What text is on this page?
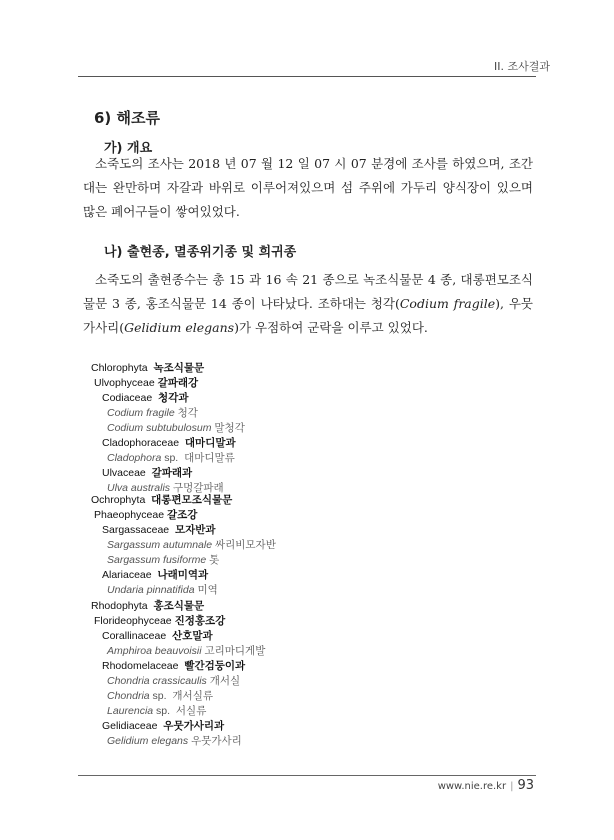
II. 조사결과
6) 해조류
가) 개요

소죽도의 조사는 2018 년 07 월 12 일 07 시 07 분경에 조사를 하였으며, 조간대는 완만하며 자갈과 바위로 이루어져있으며 섬 주위에 가두리 양식장이 있으며 많은 폐어구들이 쌓여있었다.

나) 출현종, 멸종위기종 및 희귀종

소죽도의 출현종수는 총 15 과 16 속 21 종으로 녹조식물문 4 종, 대롱편모조식물문 3 종, 홍조식물문 14 종이 나타났다. 조하대는 청각(Codium fragile), 우뭇가사리(Gelidium elegans)가 우점하여 군락을 이루고 있었다.

Chlorophyta 녹조식물문
Ulvophyceae 갈파래강
Codiaceae 청각과
Codium fragile 청각
Codium subtubulosum 말청각
Cladophoraceae 대마디말과
Cladophora sp. 대마디말류
Ulvaceae 갈파래과
Ulva australis 구멍갈파래
Ochrophyta 대롱편모조식물문
Phaeophyceae 갈조강
Sargassaceae 모자반과
Sargassum autumnale 싸리비모자반
Sargassum fusiforme 톳
Alariaceae 나래미역과
Undaria pinnatifida 미역
Rhodophyta 홍조식물문
Florideophyceae 진정홍조강
Corallinaceae 산호말과
Amphiroa beauvoisii 고리마디게발
Rhodomelaceae 빨간검둥이과
Chondria crassicaulis 개서실
Chondria sp. 개서실류
Laurencia sp. 서실류
Gelidiaceae 우뭇가사리과
Gelidium elegans 우뭇가사리
www.nie.re.kr | 93
